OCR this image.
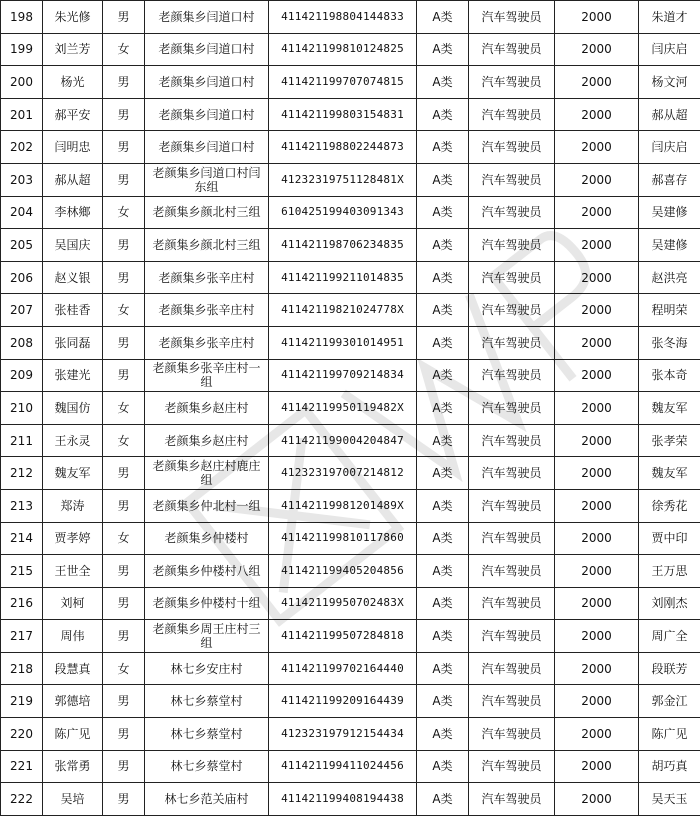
198	朱光修	男	老颜集乡闫道口村	411421198804144833	A类	汽车驾驶员	2000	朱道才
199	刘兰芳	女	老颜集乡闫道口村	411421199810124825	A类	汽车驾驶员	2000	闫庆启
200	杨光	男	老颜集乡闫道口村	411421199707074815	A类	汽车驾驶员	2000	杨文河
201	郝平安	男	老颜集乡闫道口村	411421199803154831	A类	汽车驾驶员	2000	郝从超
202	闫明忠	男	老颜集乡闫道口村	411421198802244873	A类	汽车驾驶员	2000	闫庆启
203	郝从超	男	老颜集乡闫道口村闫东组	41232319751128481X	A类	汽车驾驶员	2000	郝喜存
204	李林鄉	女	老颜集乡颜北村三组	610425199403091343	A类	汽车驾驶员	2000	吴建修
205	吴国庆	男	老颜集乡颜北村三组	411421198706234835	A类	汽车驾驶员	2000	吴建修
206	赵义银	男	老颜集乡张辛庄村	411421199211014835	A类	汽车驾驶员	2000	赵洪亮
207	张桂香	女	老颜集乡张辛庄村	41142119821024778X	A类	汽车驾驶员	2000	程明荣
208	张同磊	男	老颜集乡张辛庄村	411421199301014951	A类	汽车驾驶员	2000	张冬海
209	张建光	男	老颜集乡张辛庄村一组	411421199709214834	A类	汽车驾驶员	2000	张本奇
210	魏国仿	女	老颜集乡赵庄村	41142119950119482X	A类	汽车驾驶员	2000	魏友军
211	王永灵	女	老颜集乡赵庄村	411421199004204847	A类	汽车驾驶员	2000	张孝荣
212	魏友军	男	老颜集乡赵庄村鹿庄组	412323197007214812	A类	汽车驾驶员	2000	魏友军
213	郑涛	男	老颜集乡仲北村一组	41142119981201489X	A类	汽车驾驶员	2000	徐秀花
214	贾孝婷	女	老颜集乡仲楼村	411421199810117860	A类	汽车驾驶员	2000	贾中印
215	王世全	男	老颜集乡仲楼村八组	411421199405204856	A类	汽车驾驶员	2000	王万思
216	刘柯	男	老颜集乡仲楼村十组	41142119950702483X	A类	汽车驾驶员	2000	刘刚杰
217	周伟	男	老颜集乡周王庄村三组	411421199507284818	A类	汽车驾驶员	2000	周广全
218	段慧真	女	林七乡安庄村	411421199702164440	A类	汽车驾驶员	2000	段联芳
219	郭德培	男	林七乡蔡堂村	411421199209164439	A类	汽车驾驶员	2000	郭金江
220	陈广见	男	林七乡蔡堂村	412323197912154434	A类	汽车驾驶员	2000	陈广见
221	张常勇	男	林七乡蔡堂村	411421199411024456	A类	汽车驾驶员	2000	胡巧真
222	吴培	男	林七乡范关庙村	411421199408194438	A类	汽车驾驶员	2000	吴天玉
